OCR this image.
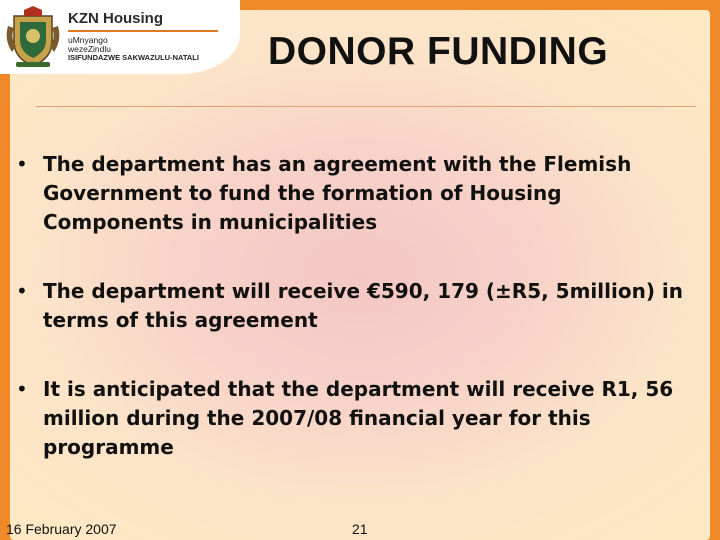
KZN Housing
uMnyango
wezeZindlu
ISIFUNDAZWE SAKWAZULU-NATALI DONOR FUNDING
• The department has an agreement with the Flemish Government to fund the formation of Housing Components in municipalities
• The department will receive €590, 179 (±R5, 5million) in terms of this agreement
• It is anticipated that the department will receive R1, 56 million during the 2007/08 financial year for this programme
16 February 2007	21
